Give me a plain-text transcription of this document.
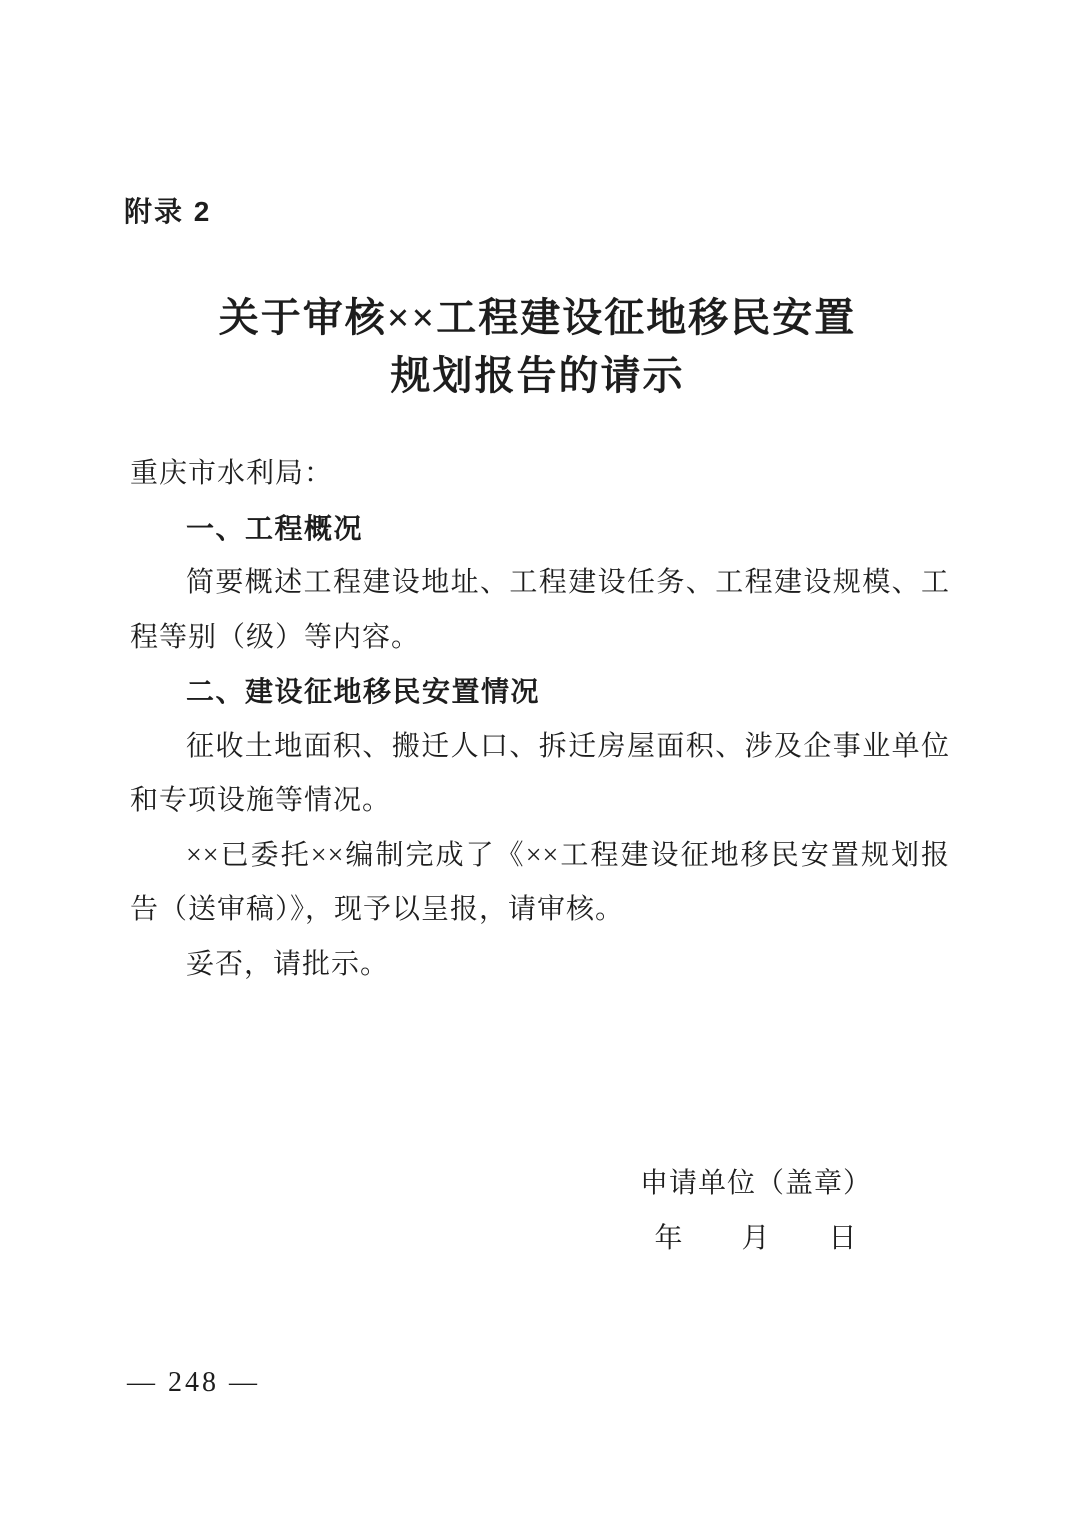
附录 2
关于审核××工程建设征地移民安置
规划报告的请示

重庆市水利局：

一、工程概况

简要概述工程建设地址、工程建设任务、工程建设规模、工程等别（级）等内容。

二、建设征地移民安置情况

征收土地面积、搬迁人口、拆迁房屋面积、涉及企事业单位和专项设施等情况。

××已委托××编制完成了《××工程建设征地移民安置规划报告（送审稿）》，现予以呈报，请审核。

妥否，请批示。

申请单位（盖章）
年　　月　　日
— 248 —
